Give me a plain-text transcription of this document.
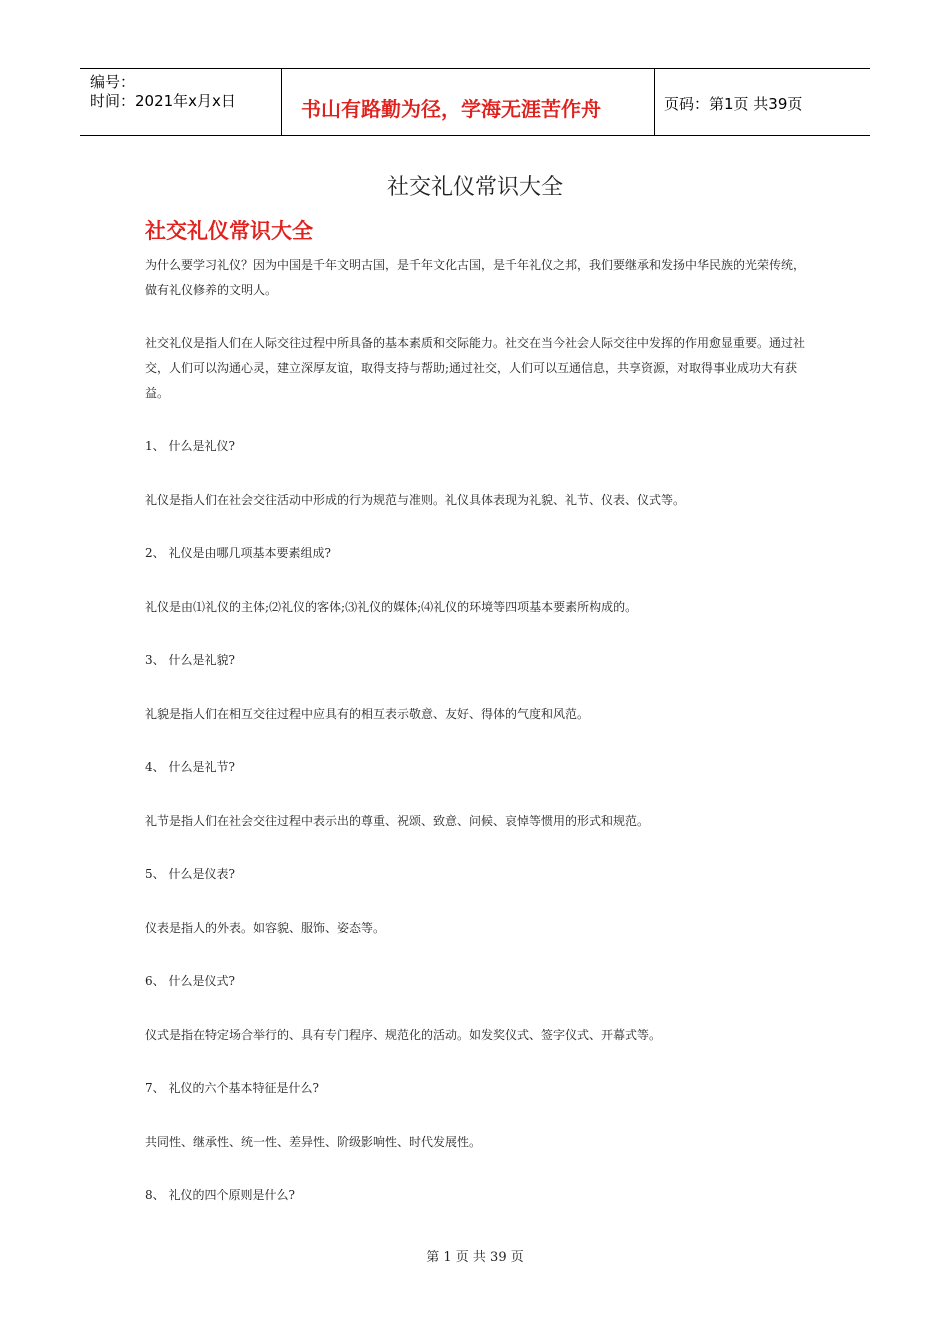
编号：
时间：2021年x月x日	书山有路勤为径，学海无涯苦作舟	页码：第1页 共39页
社交礼仪常识大全
社交礼仪常识大全

为什么要学习礼仪？因为中国是千年文明古国，是千年文化古国，是千年礼仪之邦，我们要继承和发扬中华民族的光荣传统，做有礼仪修养的文明人。

社交礼仪是指人们在人际交往过程中所具备的基本素质和交际能力。社交在当今社会人际交往中发挥的作用愈显重要。通过社交，人们可以沟通心灵，建立深厚友谊，取得支持与帮助;通过社交，人们可以互通信息，共享资源，对取得事业成功大有获益。

1、 什么是礼仪?

礼仪是指人们在社会交往活动中形成的行为规范与准则。礼仪具体表现为礼貌、礼节、仪表、仪式等。

2、 礼仪是由哪几项基本要素组成?

礼仪是由⑴礼仪的主体;⑵礼仪的客体;⑶礼仪的媒体;⑷礼仪的环境等四项基本要素所构成的。

3、 什么是礼貌?

礼貌是指人们在相互交往过程中应具有的相互表示敬意、友好、得体的气度和风范。

4、 什么是礼节?

礼节是指人们在社会交往过程中表示出的尊重、祝颂、致意、问候、哀悼等惯用的形式和规范。

5、 什么是仪表?

仪表是指人的外表。如容貌、服饰、姿态等。

6、 什么是仪式?

仪式是指在特定场合举行的、具有专门程序、规范化的活动。如发奖仪式、签字仪式、开幕式等。

7、 礼仪的六个基本特征是什么?

共同性、继承性、统一性、差异性、阶级影响性、时代发展性。

8、 礼仪的四个原则是什么?

第 1 页 共 39 页
